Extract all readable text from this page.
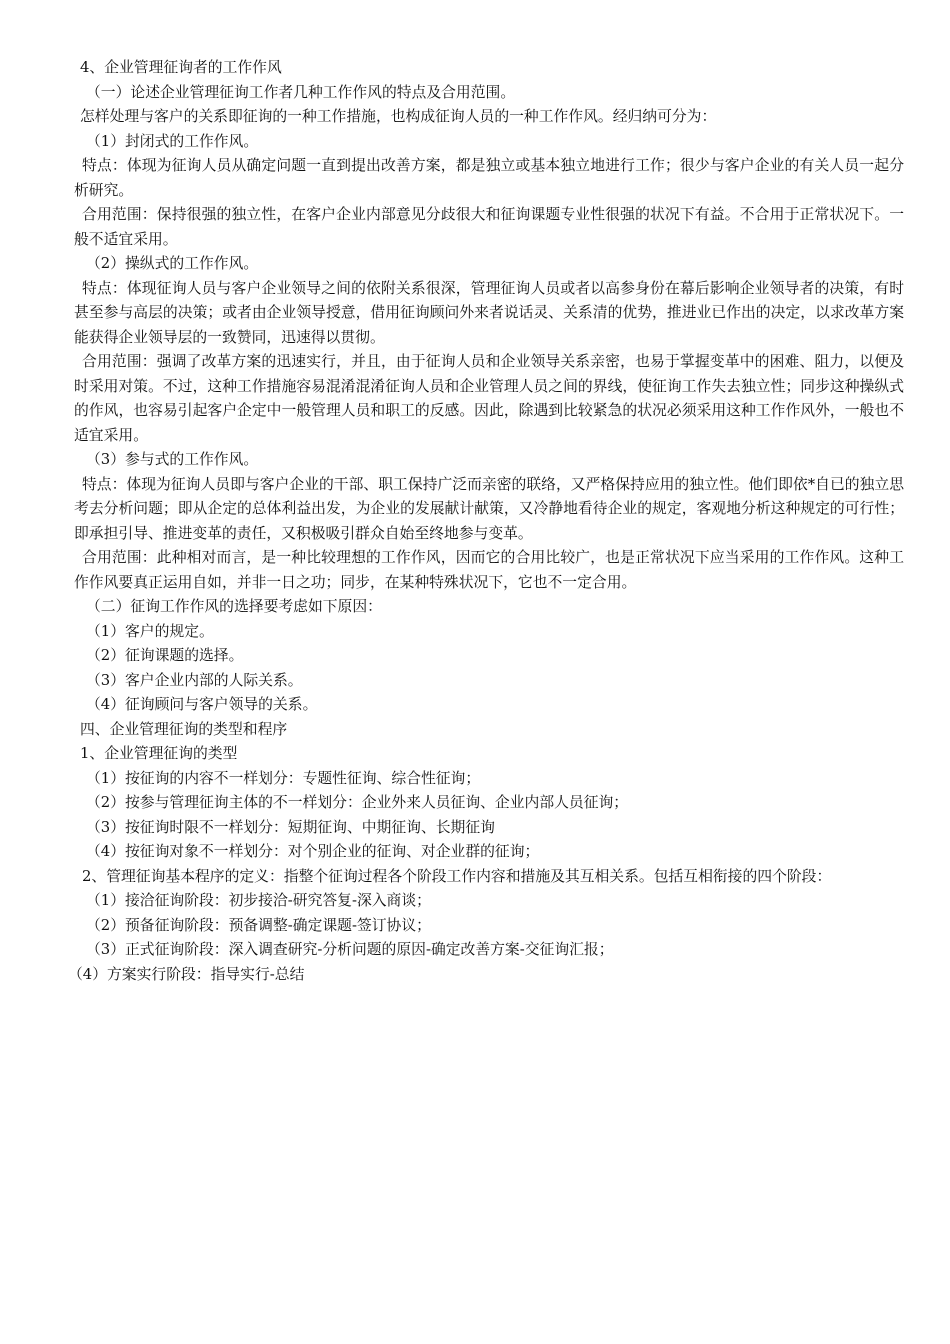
4、企业管理征询者的工作作风

（一）论述企业管理征询工作者几种工作作风的特点及合用范围。

怎样处理与客户的关系即征询的一种工作措施，也构成征询人员的一种工作作风。经归纳可分为：

（1）封闭式的工作作风。

特点：体现为征询人员从确定问题一直到提出改善方案，都是独立或基本独立地进行工作；很少与客户企业的有关人员一起分析研究。

合用范围：保持很强的独立性，在客户企业内部意见分歧很大和征询课题专业性很强的状况下有益。不合用于正常状况下。一般不适宜采用。

（2）操纵式的工作作风。

特点：体现征询人员与客户企业领导之间的依附关系很深，管理征询人员或者以高参身份在幕后影响企业领导者的决策，有时甚至参与高层的决策；或者由企业领导授意，借用征询顾问外来者说话灵、关系清的优势，推进业已作出的决定，以求改革方案能获得企业领导层的一致赞同，迅速得以贯彻。

合用范围：强调了改革方案的迅速实行，并且，由于征询人员和企业领导关系亲密，也易于掌握变革中的困难、阻力，以便及时采用对策。不过，这种工作措施容易混淆混淆征询人员和企业管理人员之间的界线，使征询工作失去独立性；同步这种操纵式的作风，也容易引起客户企定中一般管理人员和职工的反感。因此，除遇到比较紧急的状况必须采用这种工作作风外，一般也不适宜采用。

（3）参与式的工作作风。

特点：体现为征询人员即与客户企业的干部、职工保持广泛而亲密的联络，又严格保持应用的独立性。他们即依*自已的独立思考去分析问题；即从企定的总体利益出发，为企业的发展献计献策，又冷静地看待企业的规定，客观地分析这种规定的可行性；即承担引导、推进变革的责任，又积极吸引群众自始至终地参与变革。

合用范围：此种相对而言，是一种比较理想的工作作风，因而它的合用比较广，也是正常状况下应当采用的工作作风。这种工作作风要真正运用自如，并非一日之功；同步，在某种特殊状况下，它也不一定合用。

（二）征询工作作风的选择要考虑如下原因：

（1）客户的规定。

（2）征询课题的选择。

（3）客户企业内部的人际关系。

（4）征询顾问与客户领导的关系。

四、企业管理征询的类型和程序

1、企业管理征询的类型

（1）按征询的内容不一样划分：专题性征询、综合性征询；

（2）按参与管理征询主体的不一样划分：企业外来人员征询、企业内部人员征询；

（3）按征询时限不一样划分：短期征询、中期征询、长期征询

（4）按征询对象不一样划分：对个别企业的征询、对企业群的征询；

2、管理征询基本程序的定义：指整个征询过程各个阶段工作内容和措施及其互相关系。包括互相衔接的四个阶段：

（1）接洽征询阶段：初步接洽-研究答复-深入商谈；

（2）预备征询阶段：预备调整-确定课题-签订协议；

（3）正式征询阶段：深入调查研究-分析问题的原因-确定改善方案-交征询汇报；

（4）方案实行阶段：指导实行-总结
